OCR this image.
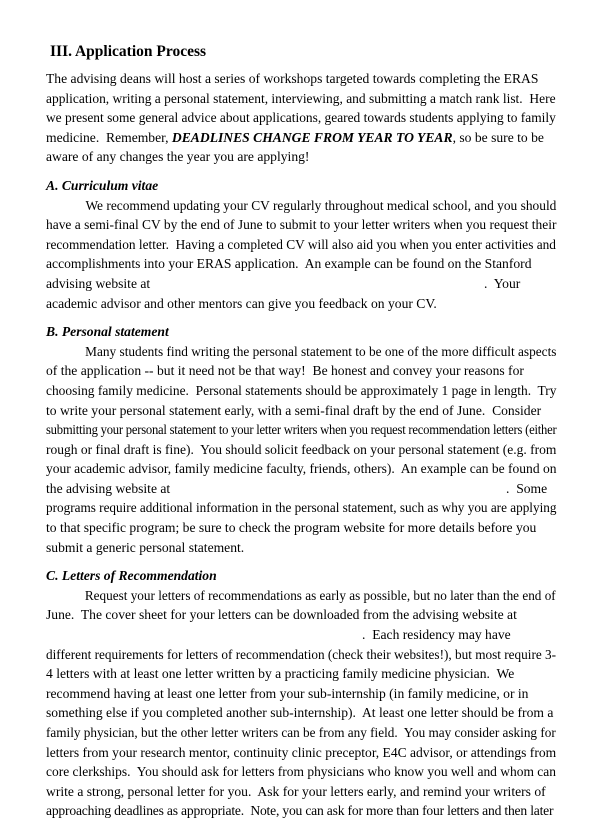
III. Application Process
The advising deans will host a series of workshops targeted towards completing the ERAS
application, writing a personal statement, interviewing, and submitting a match rank list.  Here
we present some general advice about applications, geared towards students applying to family
medicine.  Remember, DEADLINES CHANGE FROM YEAR TO YEAR, so be sure to be
aware of any changes the year you are applying!
A. Curriculum vitae
We recommend updating your CV regularly throughout medical school, and you should
have a semi-final CV by the end of June to submit to your letter writers when you request their
recommendation letter.  Having a completed CV will also aid you when you enter activities and
accomplishments into your ERAS application.  An example can be found on the Stanford
advising website at	.  Your
academic advisor and other mentors can give you feedback on your CV.
B. Personal statement
Many students find writing the personal statement to be one of the more difficult aspects
of the application -- but it need not be that way!  Be honest and convey your reasons for
choosing family medicine.  Personal statements should be approximately 1 page in length.  Try
to write your personal statement early, with a semi-final draft by the end of June.  Consider
submitting your personal statement to your letter writers when you request recommendation letters (either
rough or final draft is fine).  You should solicit feedback on your personal statement (e.g. from
your academic advisor, family medicine faculty, friends, others).  An example can be found on
the advising website at	.  Some
programs require additional information in the personal statement, such as why you are applying
to that specific program; be sure to check the program website for more details before you
submit a generic personal statement.
C. Letters of Recommendation
Request your letters of recommendations as early as possible, but no later than the end of
June.  The cover sheet for your letters can be downloaded from the advising website at
.  Each residency may have
different requirements for letters of recommendation (check their websites!), but most require 3-
4 letters with at least one letter written by a practicing family medicine physician.  We
recommend having at least one letter from your sub-internship (in family medicine, or in
something else if you completed another sub-internship).  At least one letter should be from a
family physician, but the other letter writers can be from any field.  You may consider asking for
letters from your research mentor, continuity clinic preceptor, E4C advisor, or attendings from
core clerkships.  You should ask for letters from physicians who know you well and whom can
write a strong, personal letter for you.  Ask for your letters early, and remind your writers of
approaching deadlines as appropriate.  Note, you can ask for more than four letters and then later
